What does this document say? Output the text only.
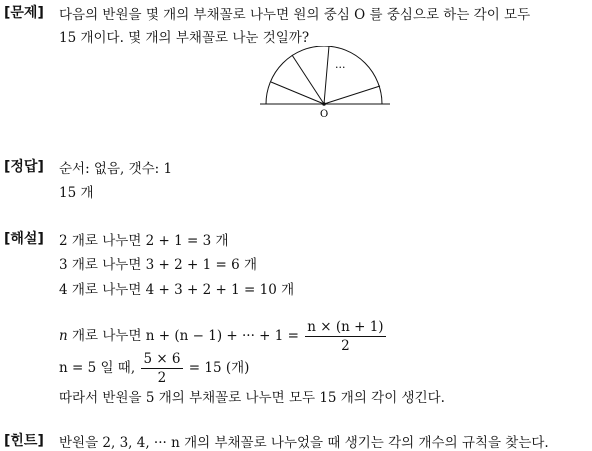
[문제] 다음의 반원을 몇 개의 부채꼴로 나누면 원의 중심 O 를 중심으로 하는 각이 모두
15 개이다. 몇 개의 부채꼴로 나눈 것일까?
···
O
[정답] 순서: 없음, 갯수: 1
15 개
[해설] 2 개로 나누면 2 + 1 = 3 개
3 개로 나누면 3 + 2 + 1 = 6 개
4 개로 나누면 4 + 3 + 2 + 1 = 10 개
n 개로 나누면 n + (n − 1) + ··· + $1 = \frac{n \times (n + 1)}{2}$
n = 5 일 때, $\frac{5 \times 6}{2} = 15$ (개)
따라서 반원을 5 개의 부채꼴로 나누면 모두 15 개의 각이 생긴다.
[힌트] 반원을 2, 3, 4, ··· n 개의 부채꼴로 나누었을 때 생기는 각의 개수의 규칙을 찾는다.
